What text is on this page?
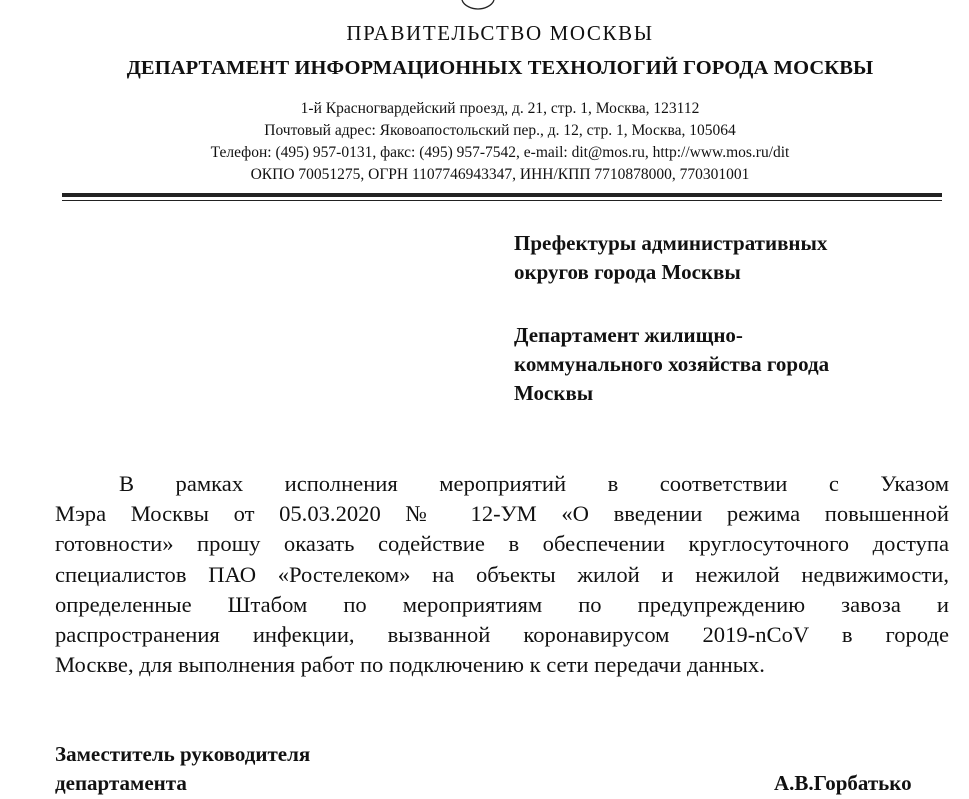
ПРАВИТЕЛЬСТВО МОСКВЫ
ДЕПАРТАМЕНТ ИНФОРМАЦИОННЫХ ТЕХНОЛОГИЙ ГОРОДА МОСКВЫ
1-й Красногвардейский проезд, д. 21, стр. 1, Москва, 123112
Почтовый адрес: Яковоапостольский пер., д. 12, стр. 1, Москва, 105064
Телефон: (495) 957-0131, факс: (495) 957-7542, e-mail: dit@mos.ru, http://www.mos.ru/dit
ОКПО 70051275, ОГРН 1107746943347, ИНН/КПП 7710878000, 770301001
Префектуры административных
округов города Москвы
Департамент жилищно-
коммунального хозяйства города
Москвы
В рамках исполнения мероприятий в соответствии с Указом
Мэра Москвы от 05.03.2020 № 12-УМ «О введении режима повышенной
готовности» прошу оказать содействие в обеспечении круглосуточного доступа
специалистов ПАО «Ростелеком» на объекты жилой и нежилой недвижимости,
определенные Штабом по мероприятиям по предупреждению завоза и
распространения инфекции, вызванной коронавирусом 2019-nCoV в городе
Москве, для выполнения работ по подключению к сети передачи данных.
Заместитель руководителя
департамента	А.В.Горбатько
